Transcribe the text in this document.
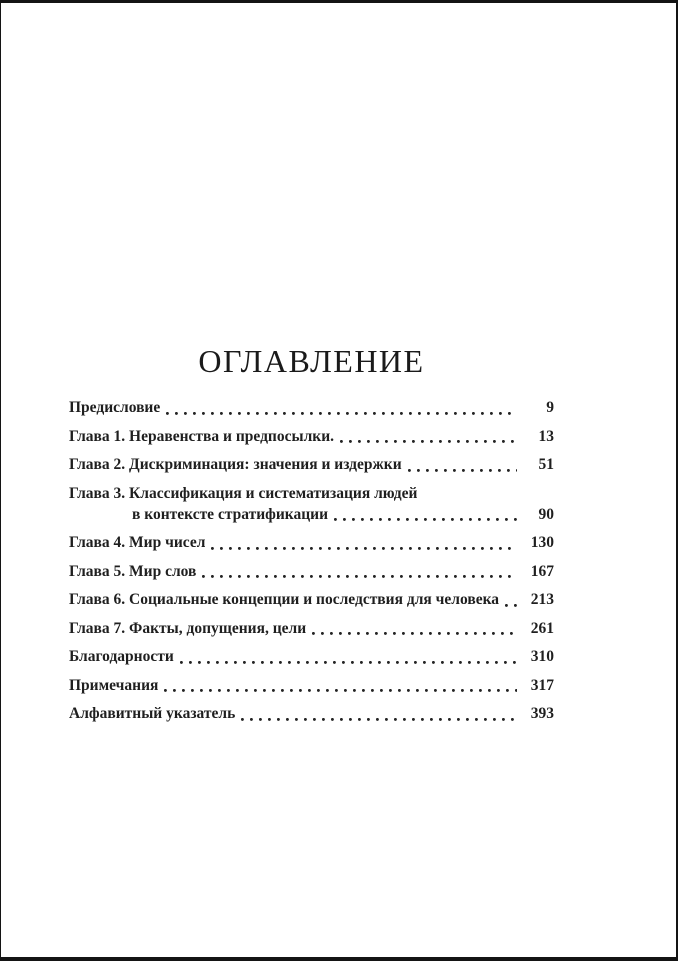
ОГЛАВЛЕНИЕ
Предисловие	9
Глава 1. Неравенства и предпосылки.	13
Глава 2. Дискриминация: значения и издержки	51
Глава 3. Классификация и систематизация людей
в контексте стратификации	90
Глава 4. Мир чисел	130
Глава 5. Мир слов	167
Глава 6. Социальные концепции и последствия для человека	213
Глава 7. Факты, допущения, цели	261
Благодарности	310
Примечания	317
Алфавитный указатель	393
